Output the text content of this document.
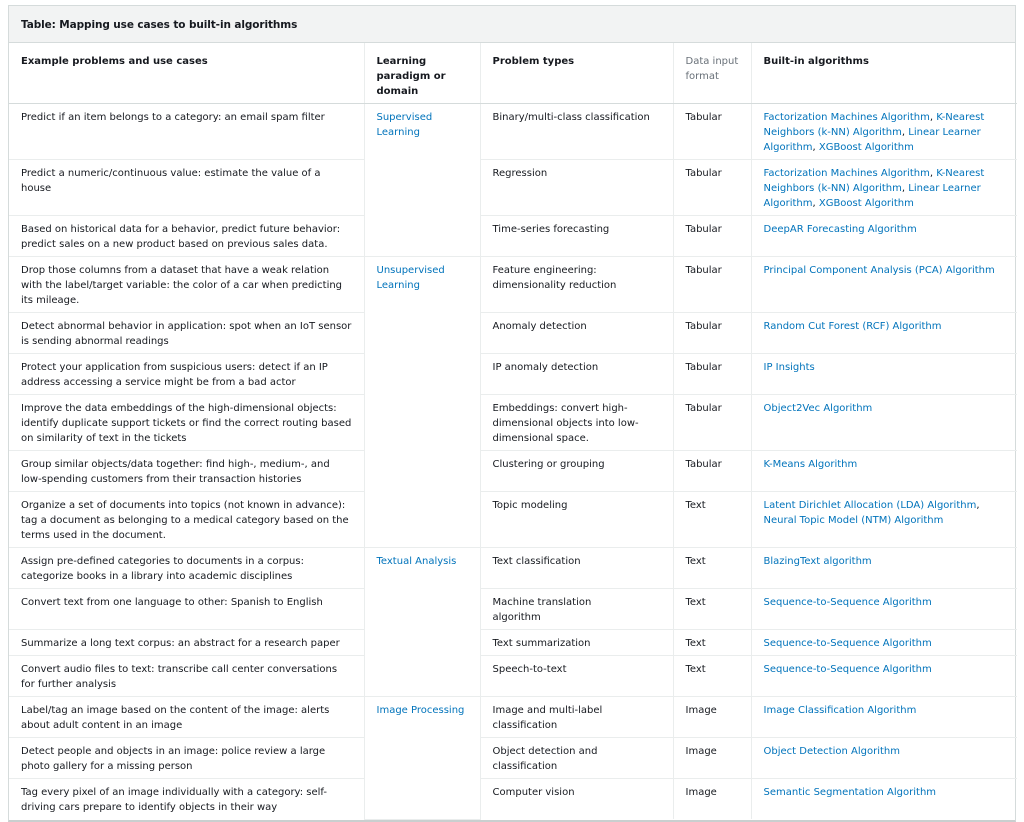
Table: Mapping use cases to built-in algorithms
Example problems and use cases	Learning paradigm or domain	Problem types	Data input format	Built-in algorithms
Predict if an item belongs to a category: an email spam filter	Supervised Learning	Binary/multi-class classification	Tabular	Factorization Machines Algorithm, K-Nearest Neighbors (k-NN) Algorithm, Linear Learner Algorithm, XGBoost Algorithm
Predict a numeric/continuous value: estimate the value of a house		Regression	Tabular	Factorization Machines Algorithm, K-Nearest Neighbors (k-NN) Algorithm, Linear Learner Algorithm, XGBoost Algorithm
Based on historical data for a behavior, predict future behavior: predict sales on a new product based on previous sales data.		Time-series forecasting	Tabular	DeepAR Forecasting Algorithm
Drop those columns from a dataset that have a weak relation with the label/target variable: the color of a car when predicting its mileage.	Unsupervised Learning	Feature engineering: dimensionality reduction	Tabular	Principal Component Analysis (PCA) Algorithm
Detect abnormal behavior in application: spot when an IoT sensor is sending abnormal readings		Anomaly detection	Tabular	Random Cut Forest (RCF) Algorithm
Protect your application from suspicious users: detect if an IP address accessing a service might be from a bad actor		IP anomaly detection	Tabular	IP Insights
Improve the data embeddings of the high-dimensional objects: identify duplicate support tickets or find the correct routing based on similarity of text in the tickets		Embeddings: convert high-dimensional objects into low-dimensional space.	Tabular	Object2Vec Algorithm
Group similar objects/data together: find high-, medium-, and low-spending customers from their transaction histories		Clustering or grouping	Tabular	K-Means Algorithm
Organize a set of documents into topics (not known in advance): tag a document as belonging to a medical category based on the terms used in the document.		Topic modeling	Text	Latent Dirichlet Allocation (LDA) Algorithm, Neural Topic Model (NTM) Algorithm
Assign pre-defined categories to documents in a corpus: categorize books in a library into academic disciplines	Textual Analysis	Text classification	Text	BlazingText algorithm
Convert text from one language to other: Spanish to English		Machine translation algorithm	Text	Sequence-to-Sequence Algorithm
Summarize a long text corpus: an abstract for a research paper		Text summarization	Text	Sequence-to-Sequence Algorithm
Convert audio files to text: transcribe call center conversations for further analysis		Speech-to-text	Text	Sequence-to-Sequence Algorithm
Label/tag an image based on the content of the image: alerts about adult content in an image	Image Processing	Image and multi-label classification	Image	Image Classification Algorithm
Detect people and objects in an image: police review a large photo gallery for a missing person		Object detection and classification	Image	Object Detection Algorithm
Tag every pixel of an image individually with a category: self-driving cars prepare to identify objects in their way		Computer vision	Image	Semantic Segmentation Algorithm
